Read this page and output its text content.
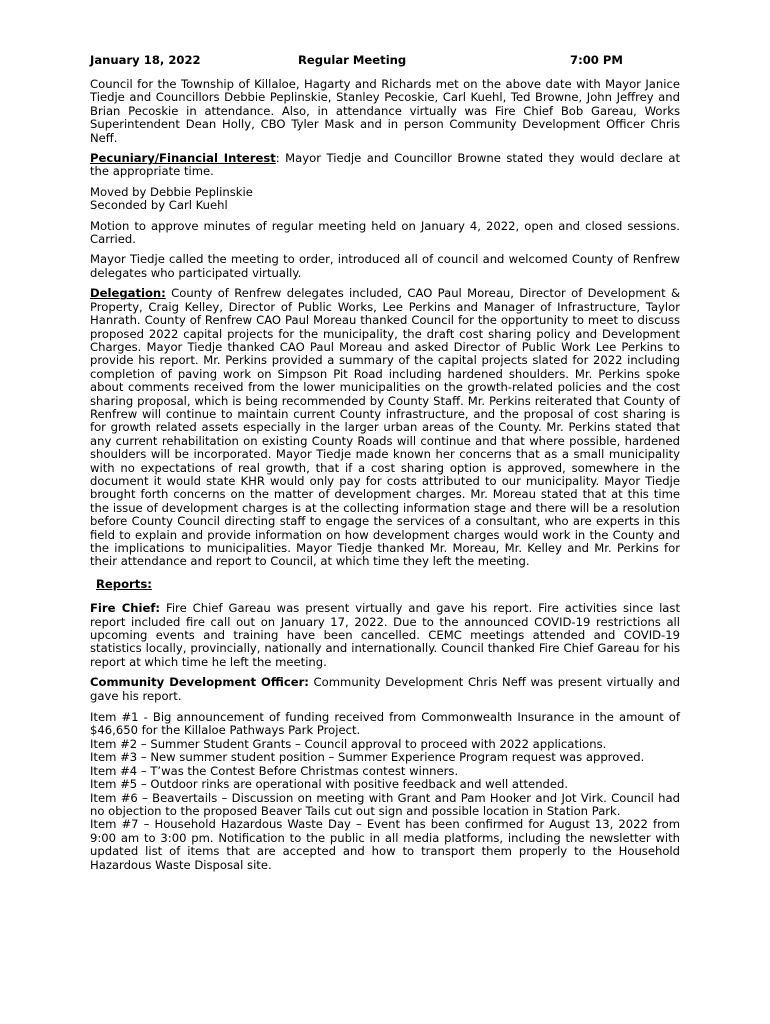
January 18, 2022	Regular Meeting	7:00 PM

Council for the Township of Killaloe, Hagarty and Richards met on the above date with Mayor Janice Tiedje and Councillors Debbie Peplinskie, Stanley Pecoskie, Carl Kuehl, Ted Browne, John Jeffrey and Brian Pecoskie in attendance. Also, in attendance virtually was Fire Chief Bob Gareau, Works Superintendent Dean Holly, CBO Tyler Mask and in person Community Development Officer Chris Neff.

Pecuniary/Financial Interest: Mayor Tiedje and Councillor Browne stated they would declare at the appropriate time.

Moved by Debbie Peplinskie

Seconded by Carl Kuehl

Motion to approve minutes of regular meeting held on January 4, 2022, open and closed sessions. Carried.

Mayor Tiedje called the meeting to order, introduced all of council and welcomed County of Renfrew delegates who participated virtually.

Delegation: County of Renfrew delegates included, CAO Paul Moreau, Director of Development & Property, Craig Kelley, Director of Public Works, Lee Perkins and Manager of Infrastructure, Taylor Hanrath. County of Renfrew CAO Paul Moreau thanked Council for the opportunity to meet to discuss proposed 2022 capital projects for the municipality, the draft cost sharing policy and Development Charges. Mayor Tiedje thanked CAO Paul Moreau and asked Director of Public Work Lee Perkins to provide his report. Mr. Perkins provided a summary of the capital projects slated for 2022 including completion of paving work on Simpson Pit Road including hardened shoulders. Mr. Perkins spoke about comments received from the lower municipalities on the growth-related policies and the cost sharing proposal, which is being recommended by County Staff. Mr. Perkins reiterated that County of Renfrew will continue to maintain current County infrastructure, and the proposal of cost sharing is for growth related assets especially in the larger urban areas of the County. Mr. Perkins stated that any current rehabilitation on existing County Roads will continue and that where possible, hardened shoulders will be incorporated. Mayor Tiedje made known her concerns that as a small municipality with no expectations of real growth, that if a cost sharing option is approved, somewhere in the document it would state KHR would only pay for costs attributed to our municipality. Mayor Tiedje brought forth concerns on the matter of development charges. Mr. Moreau stated that at this time the issue of development charges is at the collecting information stage and there will be a resolution before County Council directing staff to engage the services of a consultant, who are experts in this field to explain and provide information on how development charges would work in the County and the implications to municipalities. Mayor Tiedje thanked Mr. Moreau, Mr. Kelley and Mr. Perkins for their attendance and report to Council, at which time they left the meeting.

Reports:

Fire Chief: Fire Chief Gareau was present virtually and gave his report. Fire activities since last report included fire call out on January 17, 2022. Due to the announced COVID-19 restrictions all upcoming events and training have been cancelled. CEMC meetings attended and COVID-19 statistics locally, provincially, nationally and internationally. Council thanked Fire Chief Gareau for his report at which time he left the meeting.

Community Development Officer: Community Development Chris Neff was present virtually and gave his report.

Item #1 - Big announcement of funding received from Commonwealth Insurance in the amount of $46,650 for the Killaloe Pathways Park Project.

Item #2 – Summer Student Grants – Council approval to proceed with 2022 applications.

Item #3 – New summer student position – Summer Experience Program request was approved.

Item #4 – T’was the Contest Before Christmas contest winners.

Item #5 – Outdoor rinks are operational with positive feedback and well attended.

Item #6 – Beavertails – Discussion on meeting with Grant and Pam Hooker and Jot Virk. Council had no objection to the proposed Beaver Tails cut out sign and possible location in Station Park.

Item #7 – Household Hazardous Waste Day – Event has been confirmed for August 13, 2022 from 9:00 am to 3:00 pm. Notification to the public in all media platforms, including the newsletter with updated list of items that are accepted and how to transport them properly to the Household Hazardous Waste Disposal site.
